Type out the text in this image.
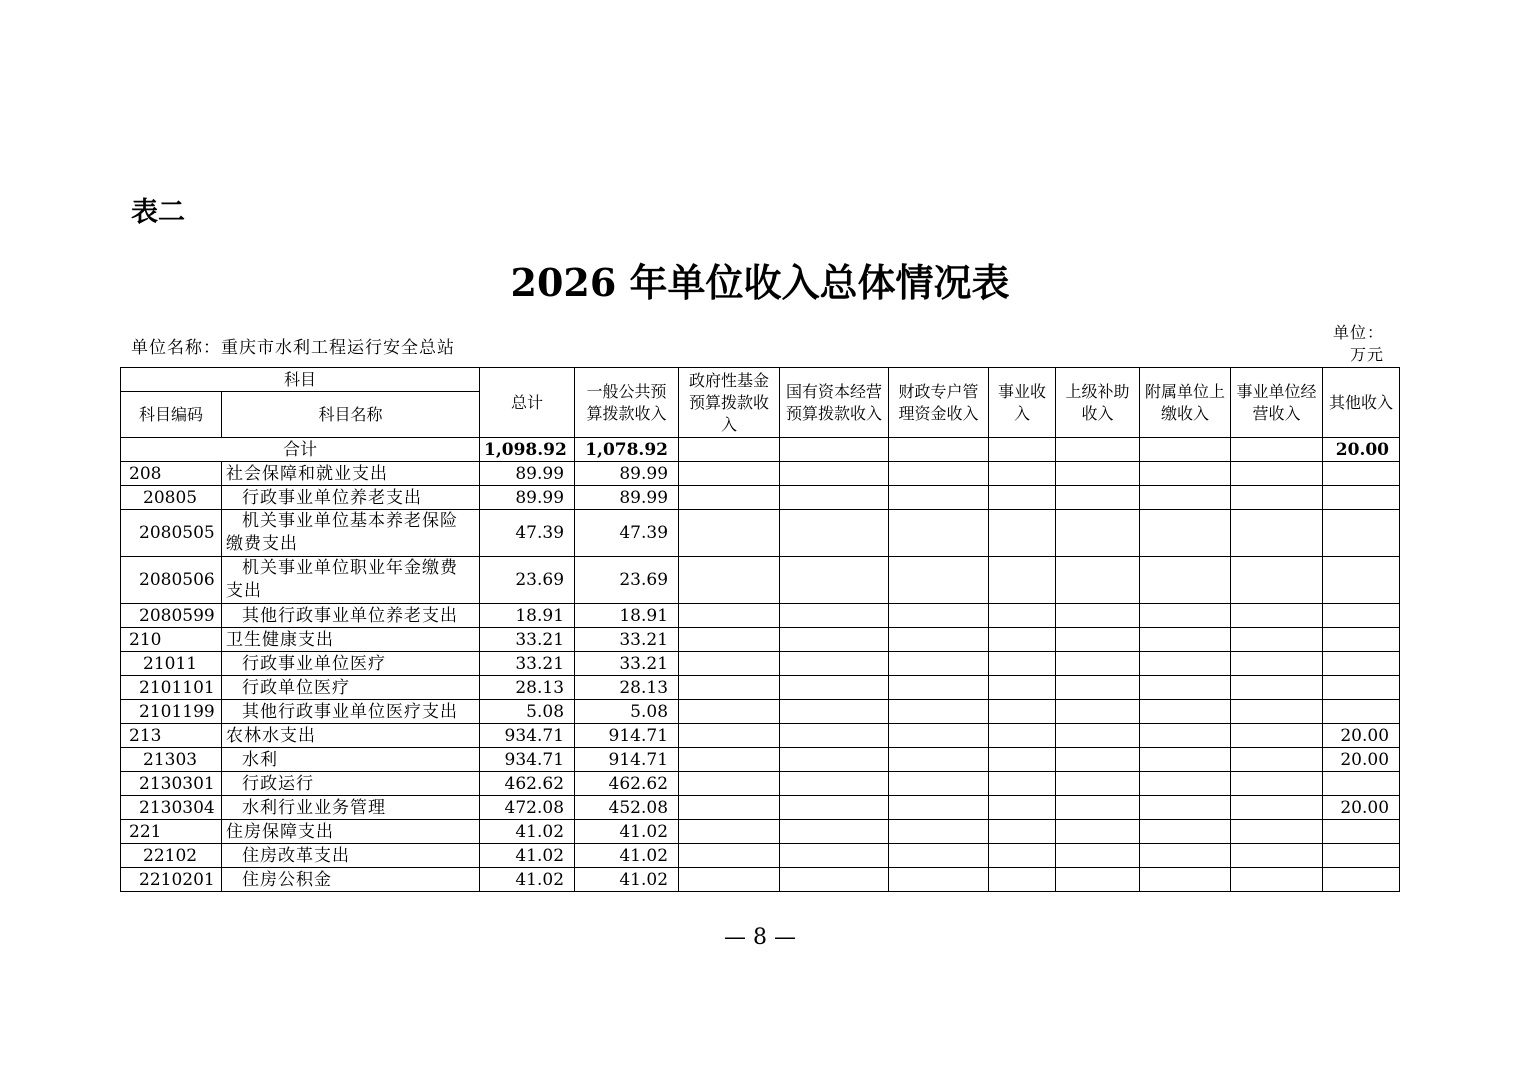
表二
2026 年单位收入总体情况表
单位名称：重庆市水利工程运行安全总站
单位：
万元
科目		总计	一般公共预算拨款收入	政府性基金预算拨款收入	国有资本经营预算拨款收入	财政专户管理资金收入	事业收入	上级补助收入	附属单位上缴收入	事业单位经营收入	其他收入
科目编码	科目名称										
合计		1,098.92	1,078.92								20.00
208	社会保障和就业支出	89.99	89.99								
20805	行政事业单位养老支出	89.99	89.99								
2080505	机关事业单位基本养老保险缴费支出	47.39	47.39								
2080506	机关事业单位职业年金缴费支出	23.69	23.69								
2080599	其他行政事业单位养老支出	18.91	18.91								
210	卫生健康支出	33.21	33.21								
21011	行政事业单位医疗	33.21	33.21								
2101101	行政单位医疗	28.13	28.13								
2101199	其他行政事业单位医疗支出	5.08	5.08								
213	农林水支出	934.71	914.71								20.00
21303	水利	934.71	914.71								20.00
2130301	行政运行	462.62	462.62								
2130304	水利行业业务管理	472.08	452.08								20.00
221	住房保障支出	41.02	41.02								
22102	住房改革支出	41.02	41.02								
2210201	住房公积金	41.02	41.02								
— 8 —
